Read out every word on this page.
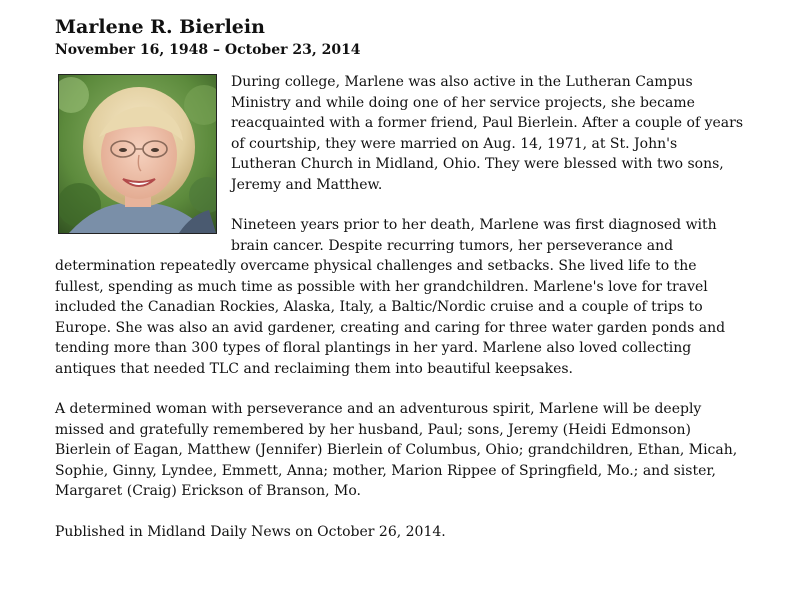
Marlene R. Bierlein
November 16, 1948 – October 23, 2014

During college, Marlene was also active in the Lutheran Campus Ministry and while doing one of her service projects, she became reacquainted with a former friend, Paul Bierlein. After a couple of years of courtship, they were married on Aug. 14, 1971, at St. John's Lutheran Church in Midland, Ohio. They were blessed with two sons, Jeremy and Matthew.

Nineteen years prior to her death, Marlene was first diagnosed with brain cancer. Despite recurring tumors, her perseverance and determination repeatedly overcame physical challenges and setbacks. She lived life to the fullest, spending as much time as possible with her grandchildren. Marlene's love for travel included the Canadian Rockies, Alaska, Italy, a Baltic/Nordic cruise and a couple of trips to Europe. She was also an avid gardener, creating and caring for three water garden ponds and tending more than 300 types of floral plantings in her yard. Marlene also loved collecting antiques that needed TLC and reclaiming them into beautiful keepsakes.

A determined woman with perseverance and an adventurous spirit, Marlene will be deeply missed and gratefully remembered by her husband, Paul; sons, Jeremy (Heidi Edmonson) Bierlein of Eagan, Matthew (Jennifer) Bierlein of Columbus, Ohio; grandchildren, Ethan, Micah, Sophie, Ginny, Lyndee, Emmett, Anna; mother, Marion Rippee of Springfield, Mo.; and sister, Margaret (Craig) Erickson of Branson, Mo.

Published in Midland Daily News on October 26, 2014.
